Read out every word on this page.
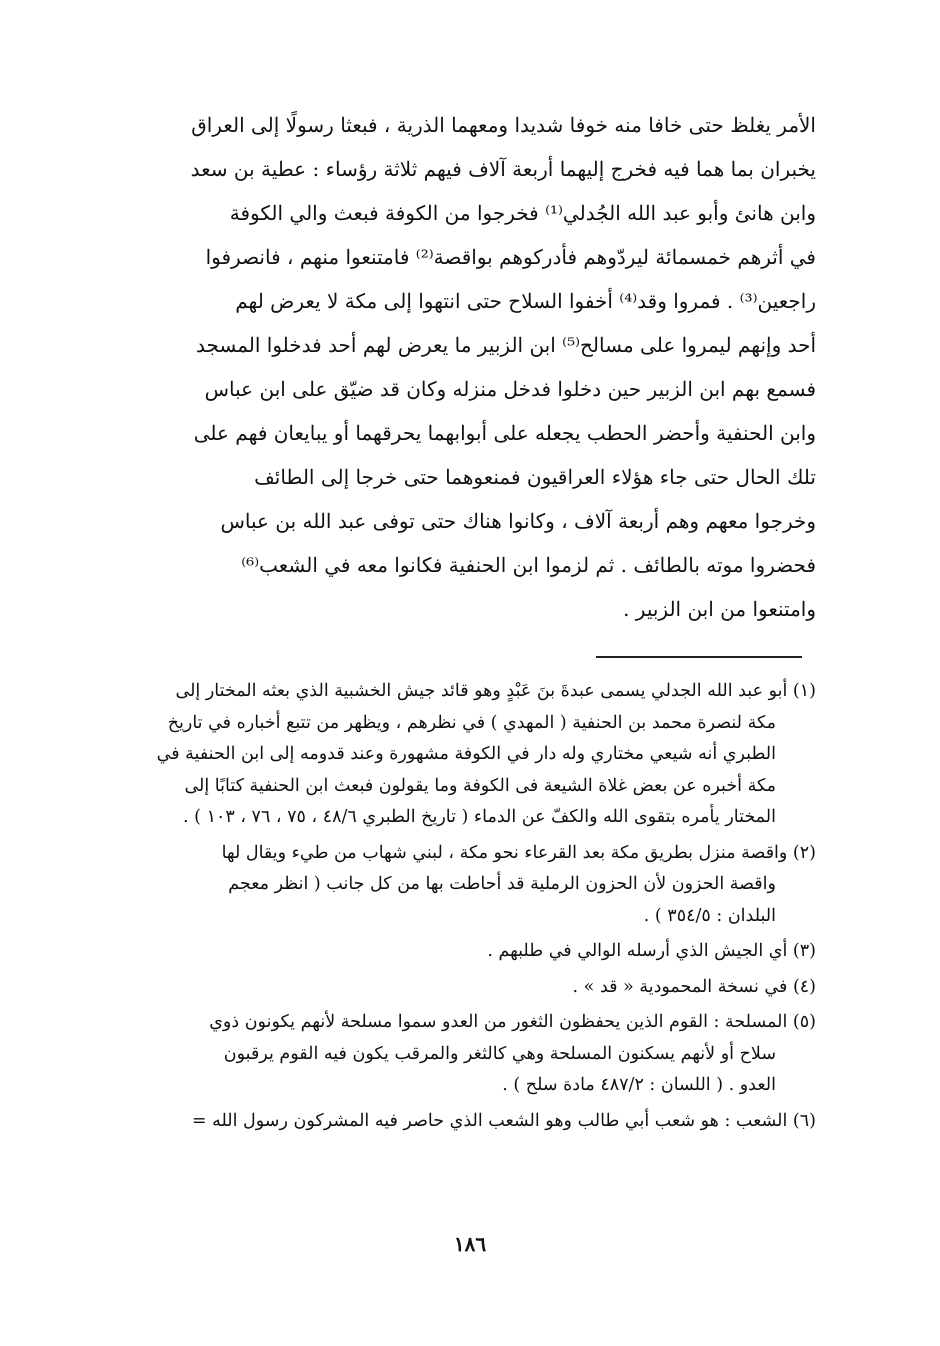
الأمر يغلظ حتى خافا منه خوفا شديدا ومعهما الذرية ، فبعثا رسولًا إلى العراق
يخبران بما هما فيه فخرج إليهما أربعة آلاف فيهم ثلاثة رؤساء : عطية بن سعد
وابن هانئ وأبو عبد الله الجُدلي⁽¹⁾ فخرجوا من الكوفة فبعث والي الكوفة
في أثرهم خمسمائة ليردّوهم فأدركوهم بواقصة⁽²⁾ فامتنعوا منهم ، فانصرفوا
راجعين⁽³⁾ . فمروا وقد⁽⁴⁾ أخفوا السلاح حتى انتهوا إلى مكة لا يعرض لهم
أحد وإنهم ليمروا على مسالح⁽⁵⁾ ابن الزبير ما يعرض لهم أحد فدخلوا المسجد
فسمع بهم ابن الزبير حين دخلوا فدخل منزله وكان قد ضيّق على ابن عباس
وابن الحنفية وأحضر الحطب يجعله على أبوابهما يحرقهما أو يبايعان فهم على
تلك الحال حتى جاء هؤلاء العراقيون فمنعوهما حتى خرجا إلى الطائف
وخرجوا معهم وهم أربعة آلاف ، وكانوا هناك حتى توفى عبد الله بن عباس
فحضروا موته بالطائف . ثم لزموا ابن الحنفية فكانوا معه في الشعب⁽⁶⁾
وامتنعوا من ابن الزبير .
(١) أبو عبد الله الجدلي يسمى عبدةَ بنَ عَبْدٍ وهو قائد جيش الخشبية الذي بعثه المختار إلى
مكة لنصرة محمد بن الحنفية ( المهدي ) في نظرهم ، ويظهر من تتبع أخباره في تاريخ
الطبري أنه شيعي مختاري وله دار في الكوفة مشهورة وعند قدومه إلى ابن الحنفية في
مكة أخبره عن بعض غلاة الشيعة فى الكوفة وما يقولون فبعث ابن الحنفية كتابًا إلى
المختار يأمره بتقوى الله والكفّ عن الدماء ( تاريخ الطبري ٤٨/٦ ، ٧٥ ، ٧٦ ، ١٠٣ ) .
(٢) واقصة منزل بطريق مكة بعد القرعاء نحو مكة ، لبني شهاب من طيء ويقال لها
واقصة الحزون لأن الحزون الرملية قد أحاطت بها من كل جانب ( انظر معجم
البلدان : ٣٥٤/٥ ) .
(٣) أي الجيش الذي أرسله الوالي في طلبهم .
(٤) في نسخة المحمودية « قد » .
(٥) المسلحة : القوم الذين يحفظون الثغور من العدو سموا مسلحة لأنهم يكونون ذوي
سلاح أو لأنهم يسكنون المسلحة وهي كالثغر والمرقب يكون فيه القوم يرقبون
العدو . ( اللسان : ٤٨٧/٢ مادة سلح ) .
(٦) الشعب : هو شعب أبي طالب وهو الشعب الذي حاصر فيه المشركون رسول الله =
١٨٦
